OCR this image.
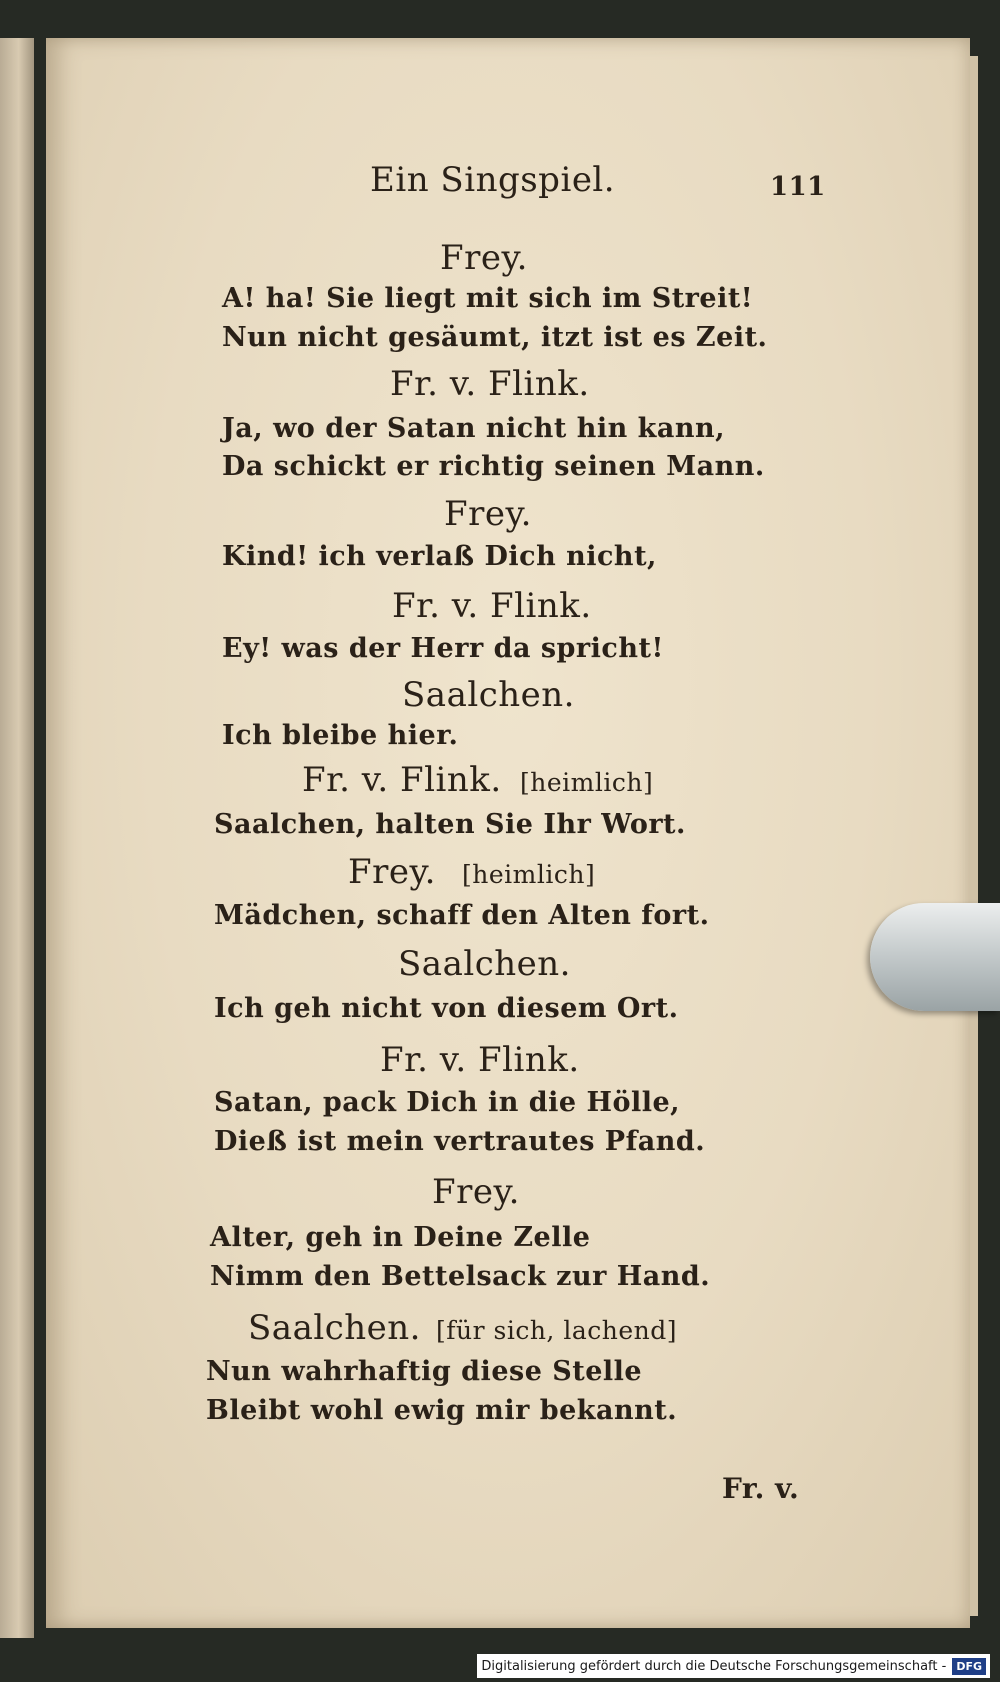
Ein Singspiel.	111
Frey.
A! ha! Sie liegt mit sich im Streit!
Nun nicht gesäumt, itzt ist es Zeit.
Fr. v. Flink.
Ja, wo der Satan nicht hin kann,
Da schickt er richtig seinen Mann.
Frey.
Kind! ich verlaß Dich nicht,
Fr. v. Flink.
Ey! was der Herr da spricht!
Saalchen.
Ich bleibe hier.
Fr. v. Flink. [heimlich]
Saalchen, halten Sie Ihr Wort.
Frey. [heimlich]
Mädchen, schaff den Alten fort.
Saalchen.
Ich geh nicht von diesem Ort.
Fr. v. Flink.
Satan, pack Dich in die Hölle,
Dieß ist mein vertrautes Pfand.
Frey.
Alter, geh in Deine Zelle
Nimm den Bettelsack zur Hand.
Saalchen. [für sich, lachend]
Nun wahrhaftig diese Stelle
Bleibt wohl ewig mir bekannt.
Fr. v.
Digitalisierung gefördert durch die Deutsche Forschungsgemeinschaft - DFG
